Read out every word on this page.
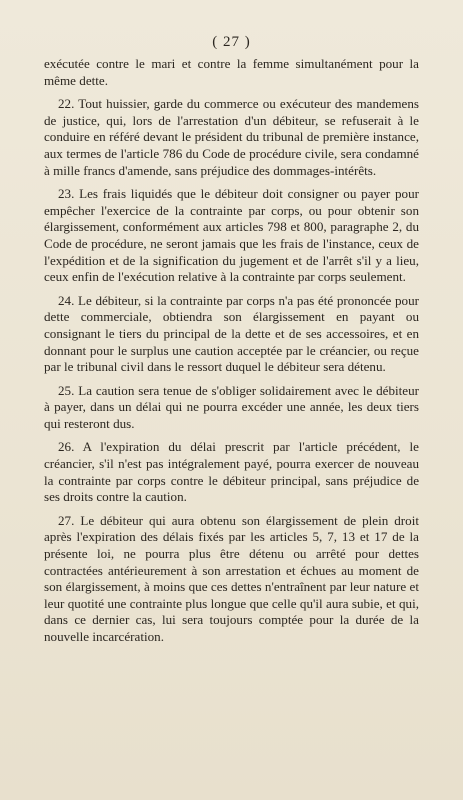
( 27 )

exécutée contre le mari et contre la femme simultanément pour la même dette.

22. Tout huissier, garde du commerce ou exécuteur des mandemens de justice, qui, lors de l'arrestation d'un débiteur, se refuserait à le conduire en référé devant le président du tribunal de première instance, aux termes de l'article 786 du Code de procédure civile, sera condamné à mille francs d'amende, sans préjudice des dommages-intérêts.

23. Les frais liquidés que le débiteur doit consigner ou payer pour empêcher l'exercice de la contrainte par corps, ou pour obtenir son élargissement, conformément aux articles 798 et 800, paragraphe 2, du Code de procédure, ne seront jamais que les frais de l'instance, ceux de l'expédition et de la signification du jugement et de l'arrêt s'il y a lieu, ceux enfin de l'exécution relative à la contrainte par corps seulement.

24. Le débiteur, si la contrainte par corps n'a pas été prononcée pour dette commerciale, obtiendra son élargissement en payant ou consignant le tiers du principal de la dette et de ses accessoires, et en donnant pour le surplus une caution acceptée par le créancier, ou reçue par le tribunal civil dans le ressort duquel le débiteur sera détenu.

25. La caution sera tenue de s'obliger solidairement avec le débiteur à payer, dans un délai qui ne pourra excéder une année, les deux tiers qui resteront dus.

26. A l'expiration du délai prescrit par l'article précédent, le créancier, s'il n'est pas intégralement payé, pourra exercer de nouveau la contrainte par corps contre le débiteur principal, sans préjudice de ses droits contre la caution.

27. Le débiteur qui aura obtenu son élargissement de plein droit après l'expiration des délais fixés par les articles 5, 7, 13 et 17 de la présente loi, ne pourra plus être détenu ou arrêté pour dettes contractées antérieurement à son arrestation et échues au moment de son élargissement, à moins que ces dettes n'entraînent par leur nature et leur quotité une contrainte plus longue que celle qu'il aura subie, et qui, dans ce dernier cas, lui sera toujours comptée pour la durée de la nouvelle incarcération.
